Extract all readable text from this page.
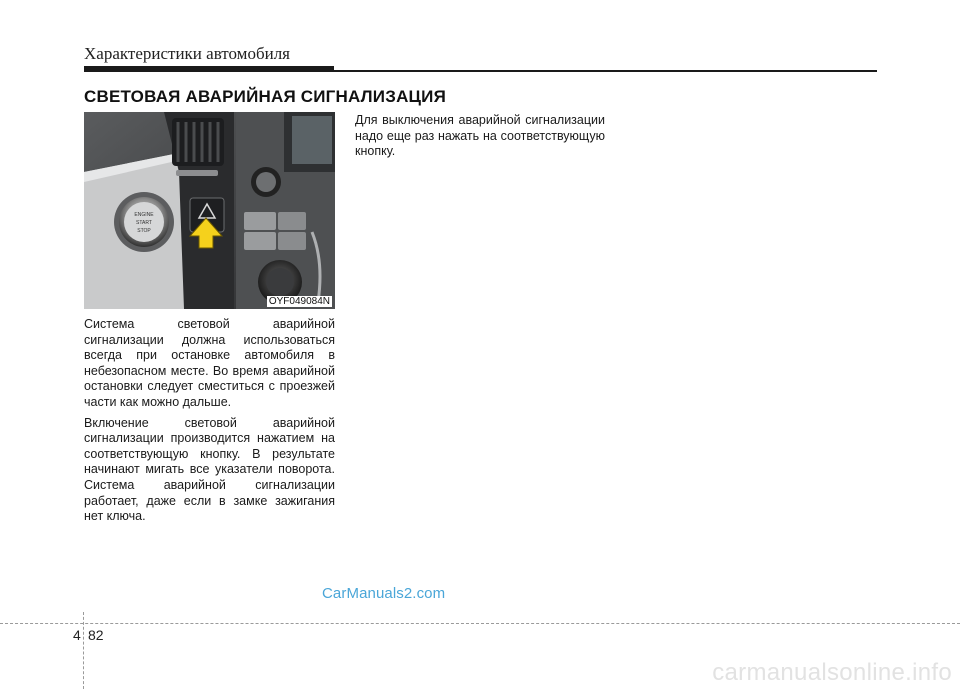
Характеристики автомобиля
СВЕТОВАЯ АВАРИЙНАЯ СИГНАЛИЗАЦИЯ
ENGINE
START
STOP
OYF049084N

Система световой аварийной сигнализации должна использоваться всегда при остановке автомобиля в небезопасном месте. Во время аварийной остановки следует сместиться с проезжей части как можно дальше.

Включение световой аварийной сигнализации производится нажатием на соответствующую кнопку. В результате начинают мигать все указатели поворота. Система аварийной сигнализации работает, даже если в замке зажигания нет ключа.

Для выключения аварийной сигнализации надо еще раз нажать на соответствующую кнопку.

CarManuals2.com
4 82
carmanualsonline.info
